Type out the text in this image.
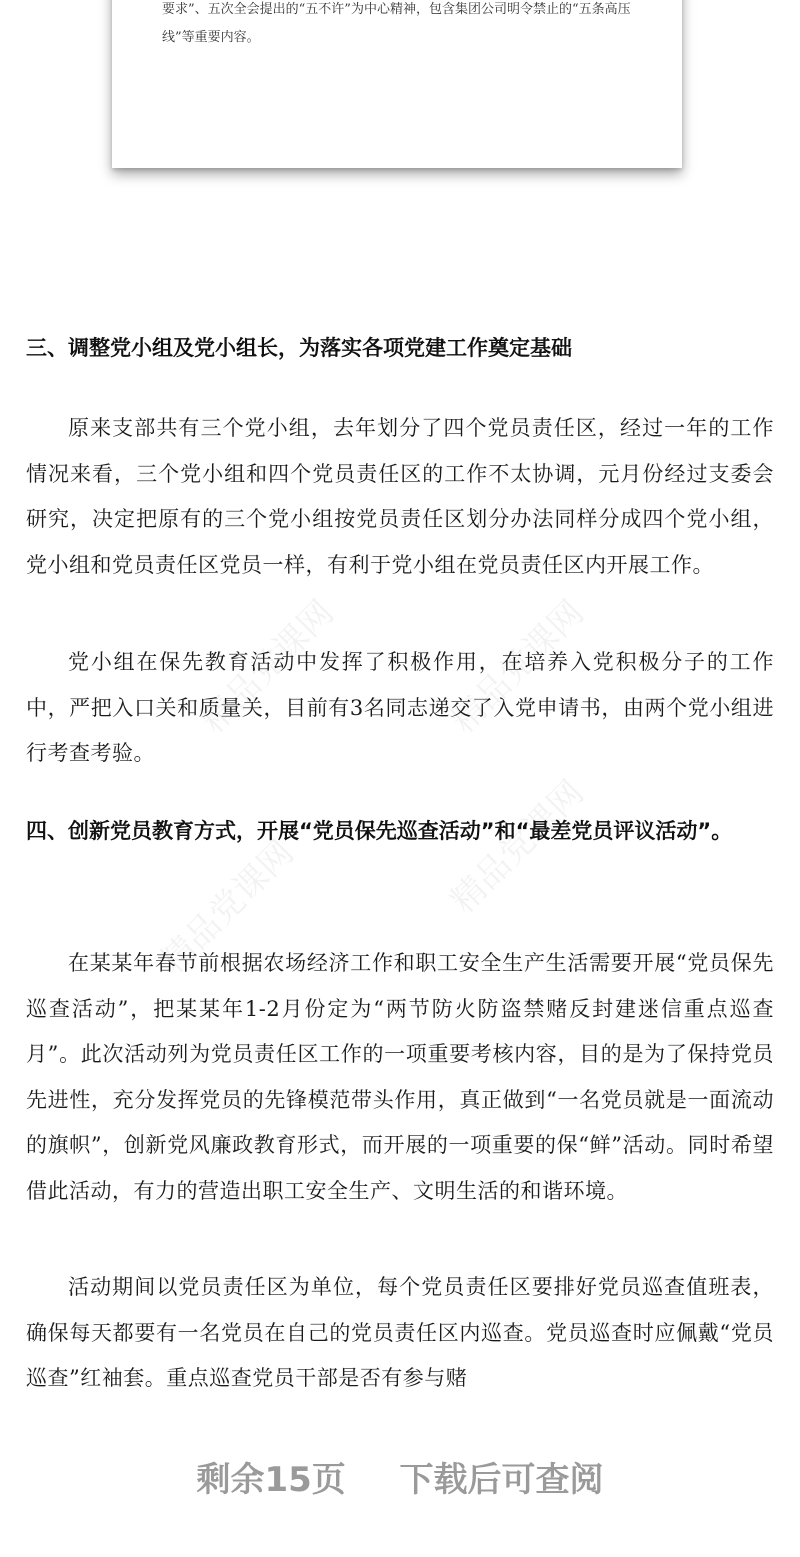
要求”、五次全会提出的“五不许”为中心精神，包含集团公司明令禁止的“五条高压线”等重要内容。

精品党课网	精品党课网
精品党课网
精品党课网
三、调整党小组及党小组长，为落实各项党建工作奠定基础

原来支部共有三个党小组，去年划分了四个党员责任区，经过一年的工作情况来看，三个党小组和四个党员责任区的工作不太协调，元月份经过支委会研究，决定把原有的三个党小组按党员责任区划分办法同样分成四个党小组，党小组和党员责任区党员一样，有利于党小组在党员责任区内开展工作。

党小组在保先教育活动中发挥了积极作用，在培养入党积极分子的工作中，严把入口关和质量关，目前有3名同志递交了入党申请书，由两个党小组进行考查考验。

四、创新党员教育方式，开展“党员保先巡查活动”和“最差党员评议活动”。

在某某年春节前根据农场经济工作和职工安全生产生活需要开展“党员保先巡查活动”，把某某年1-2月份定为“两节防火防盗禁赌反封建迷信重点巡查月”。此次活动列为党员责任区工作的一项重要考核内容，目的是为了保持党员先进性，充分发挥党员的先锋模范带头作用，真正做到“一名党员就是一面流动的旗帜”，创新党风廉政教育形式，而开展的一项重要的保“鲜”活动。同时希望借此活动，有力的营造出职工安全生产、文明生活的和谐环境。

活动期间以党员责任区为单位，每个党员责任区要排好党员巡查值班表，确保每天都要有一名党员在自己的党员责任区内巡查。党员巡查时应佩戴“党员巡查”红袖套。重点巡查党员干部是否有参与赌

剩余15页 下载后可查阅
